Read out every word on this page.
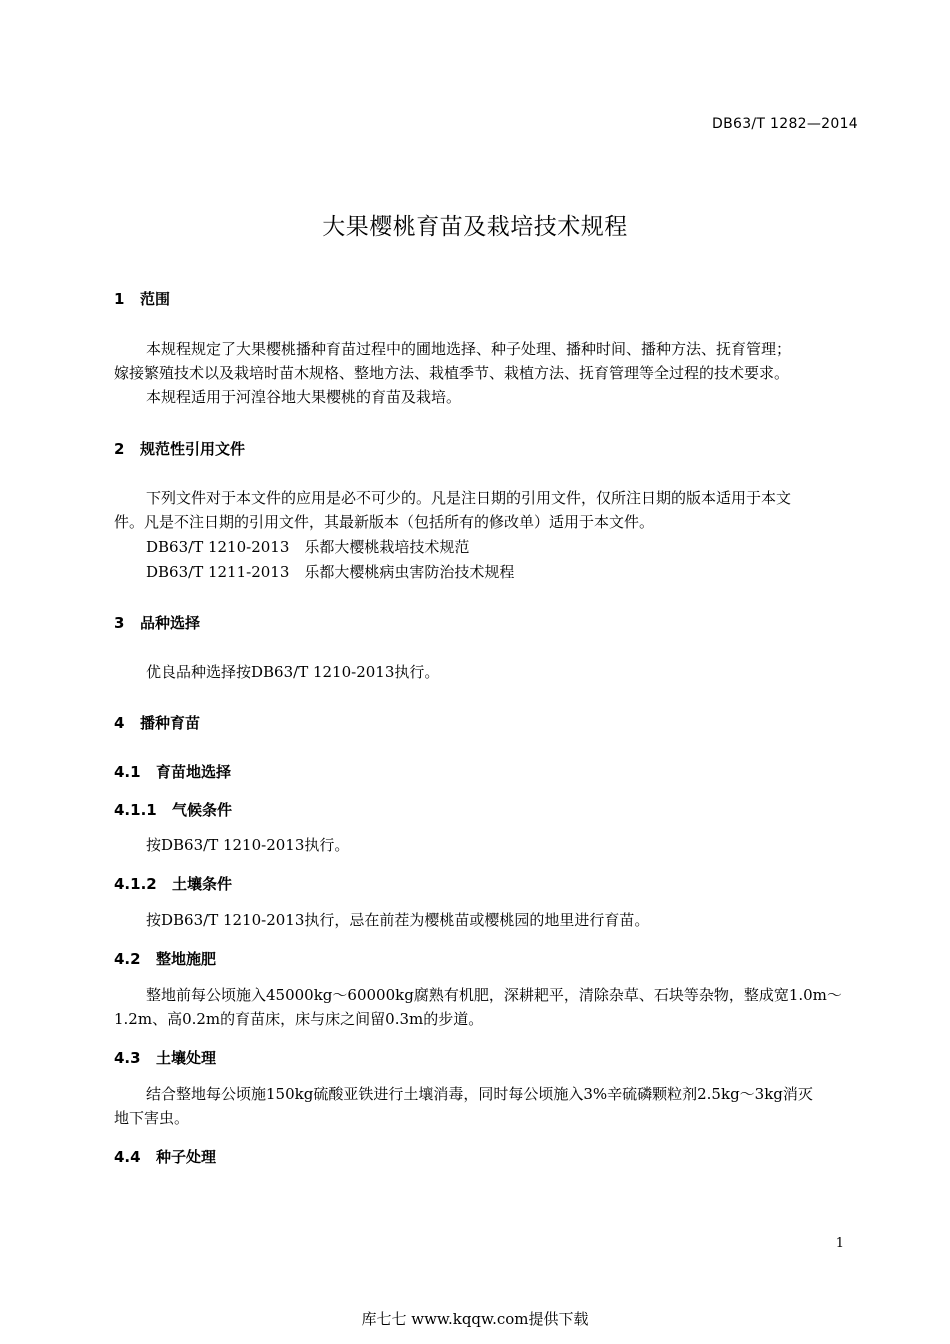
DB63/T 1282—2014
大果樱桃育苗及栽培技术规程
1 范围
本规程规定了大果樱桃播种育苗过程中的圃地选择、种子处理、播种时间、播种方法、抚育管理；
嫁接繁殖技术以及栽培时苗木规格、整地方法、栽植季节、栽植方法、抚育管理等全过程的技术要求。
本规程适用于河湟谷地大果樱桃的育苗及栽培。
2 规范性引用文件
下列文件对于本文件的应用是必不可少的。凡是注日期的引用文件，仅所注日期的版本适用于本文
件。凡是不注日期的引用文件，其最新版本（包括所有的修改单）适用于本文件。
DB63/T 1210-2013　乐都大樱桃栽培技术规范
DB63/T 1211-2013　乐都大樱桃病虫害防治技术规程
3 品种选择
优良品种选择按DB63/T 1210-2013执行。
4 播种育苗
4.1 育苗地选择
4.1.1 气候条件
按DB63/T 1210-2013执行。
4.1.2 土壤条件
按DB63/T 1210-2013执行，忌在前茬为樱桃苗或樱桃园的地里进行育苗。
4.2 整地施肥
整地前每公顷施入45000kg～60000kg腐熟有机肥，深耕耙平，清除杂草、石块等杂物，整成宽1.0m～
1.2m、高0.2m的育苗床，床与床之间留0.3m的步道。
4.3 土壤处理
结合整地每公顷施150kg硫酸亚铁进行土壤消毒，同时每公顷施入3%辛硫磷颗粒剂2.5kg～3kg消灭
地下害虫。
4.4 种子处理
1
库七七 www.kqqw.com提供下载
